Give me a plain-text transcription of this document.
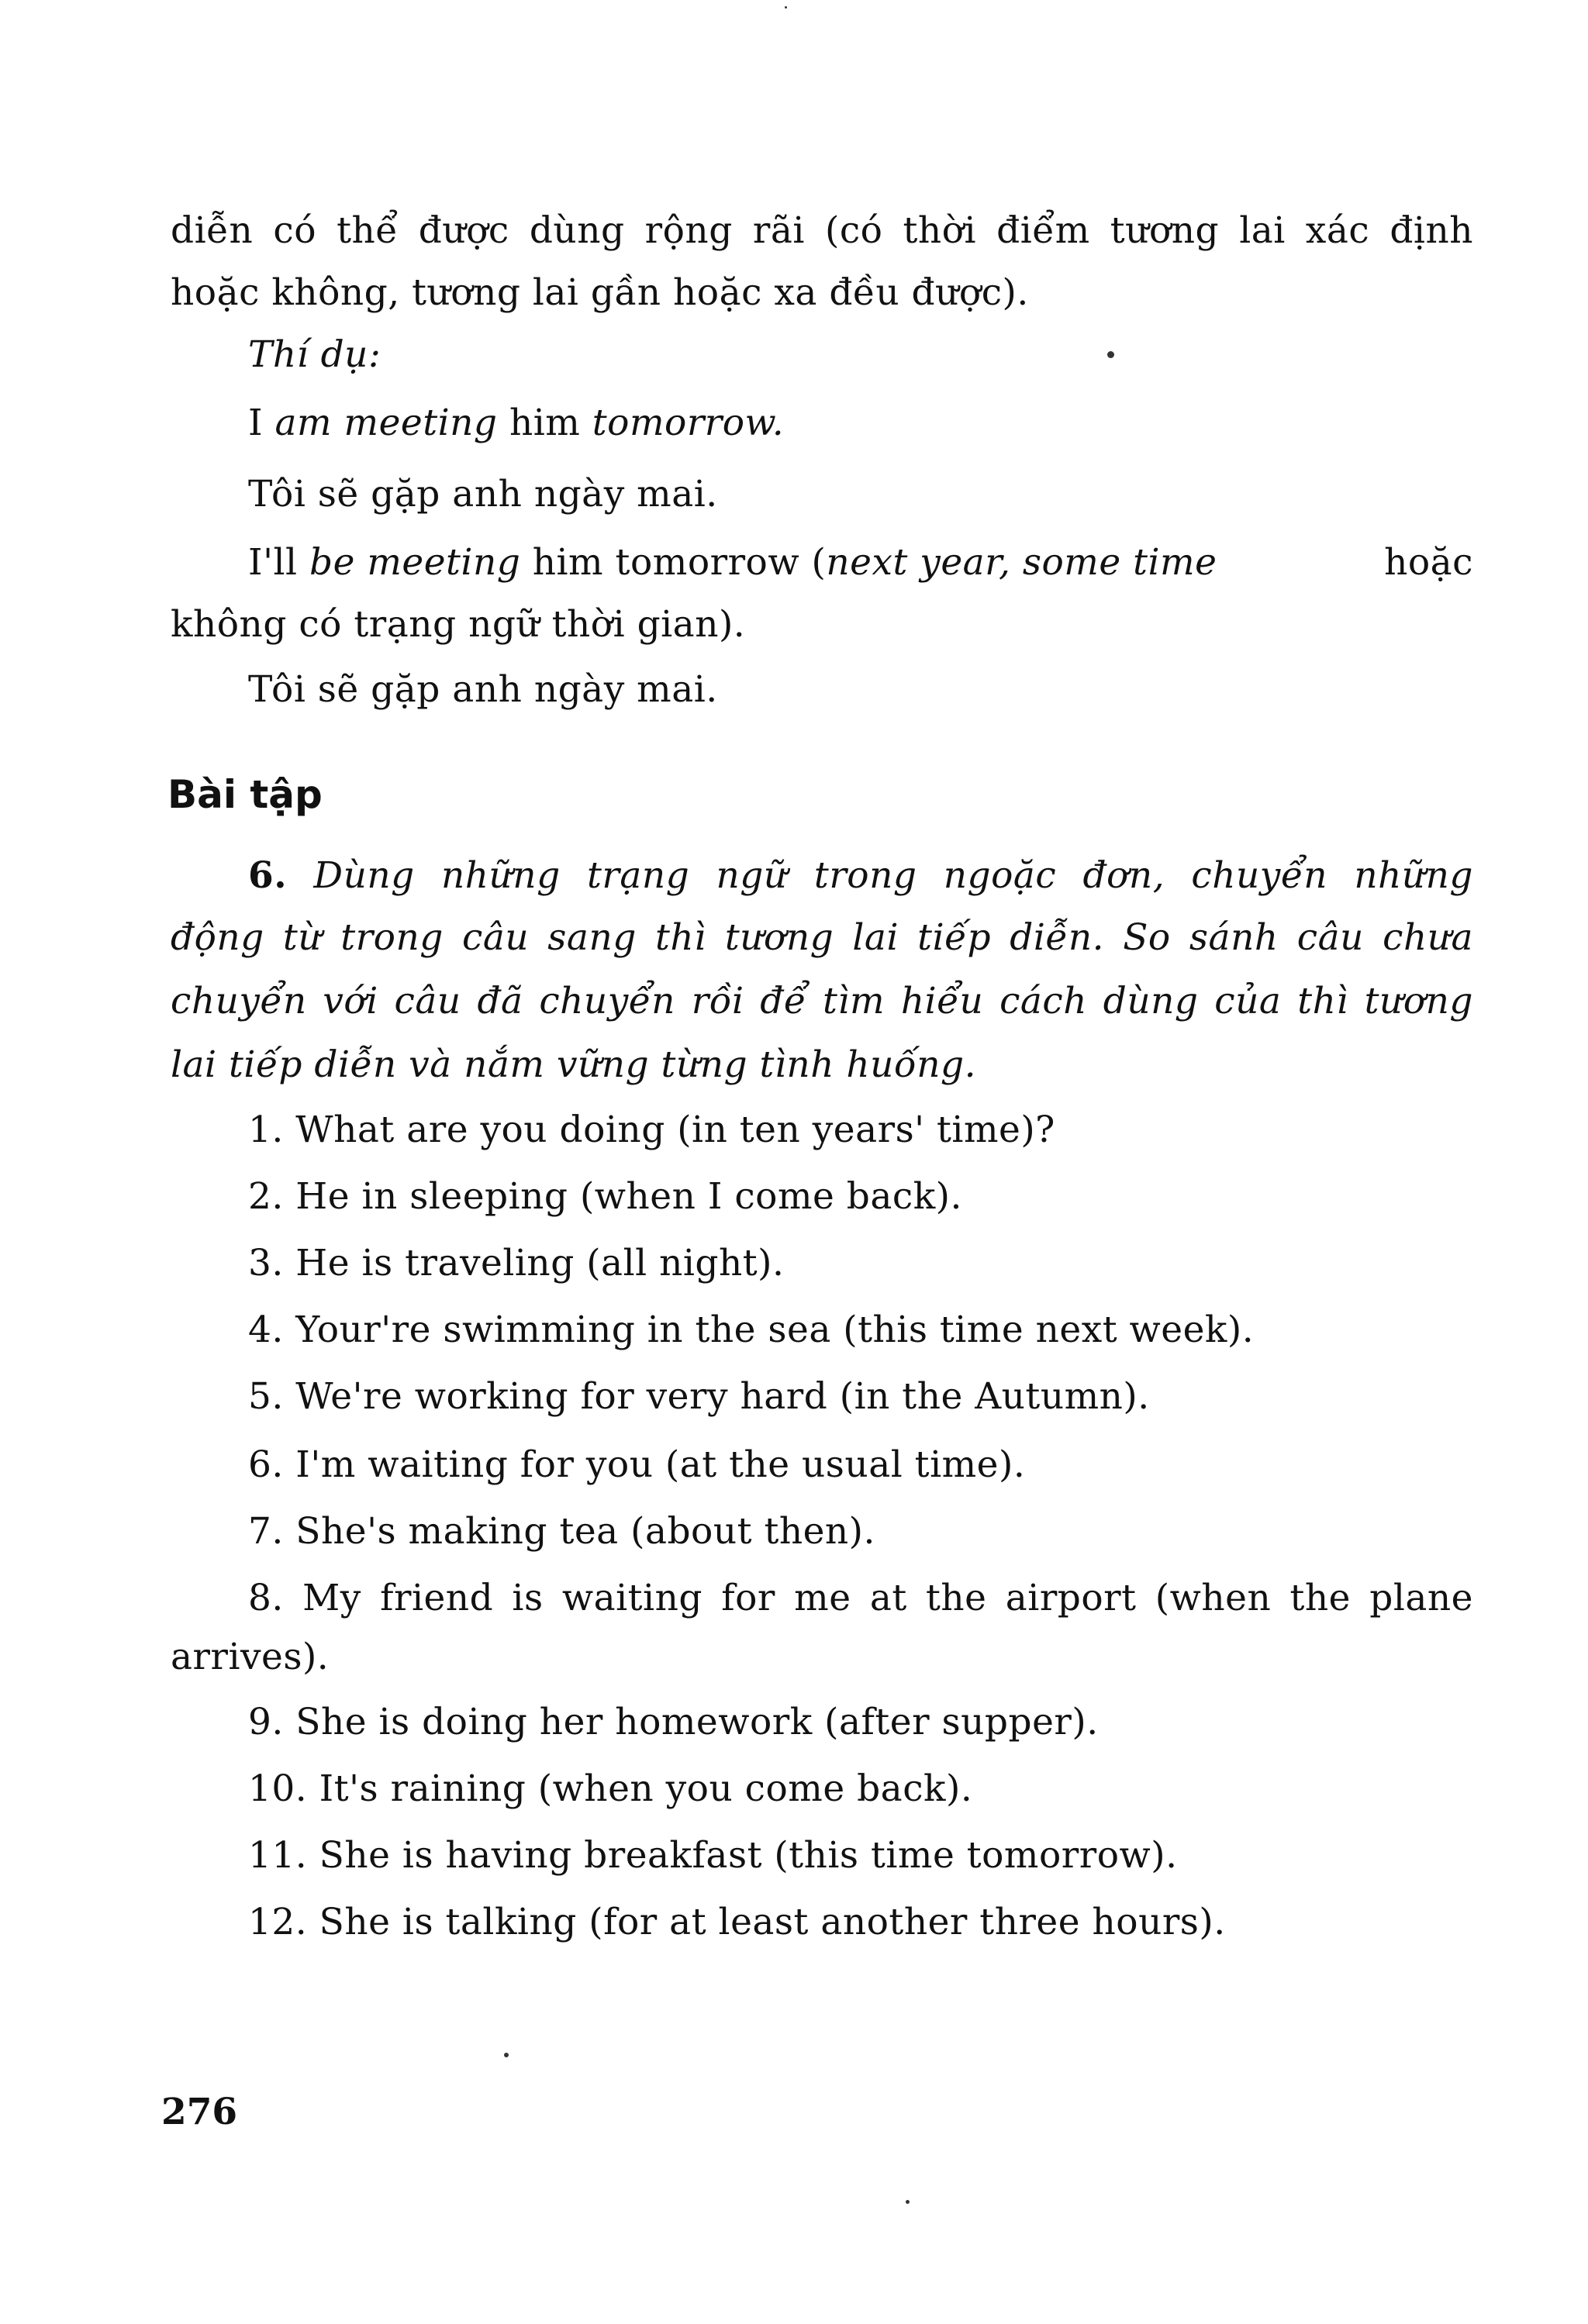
diễn có thể được dùng rộng rãi (có thời điểm tương lai xác định
hoặc không, tương lai gần hoặc xa đều được).
Thí dụ:
I am meeting him tomorrow.
Tôi sẽ gặp anh ngày mai.
I'll be meeting him tomorrow (next year, some time	hoặc
không có trạng ngữ thời gian).
Tôi sẽ gặp anh ngày mai.
Bài tập
6. Dùng những trạng ngữ trong ngoặc đơn, chuyển những
động từ trong câu sang thì tương lai tiếp diễn. So sánh câu chưa
chuyển với câu đã chuyển rồi để tìm hiểu cách dùng của thì tương
lai tiếp diễn và nắm vững từng tình huống.
1. What are you doing (in ten years' time)?
2. He in sleeping (when I come back).
3. He is traveling (all night).
4. Your're swimming in the sea (this time next week).
5. We're working for very hard (in the Autumn).
6. I'm waiting for you (at the usual time).
7. She's making tea (about then).
8. My friend is waiting for me at the airport (when the plane
arrives).
9. She is doing her homework (after supper).
10. It's raining (when you come back).
11. She is having breakfast (this time tomorrow).
12. She is talking (for at least another three hours).
276
